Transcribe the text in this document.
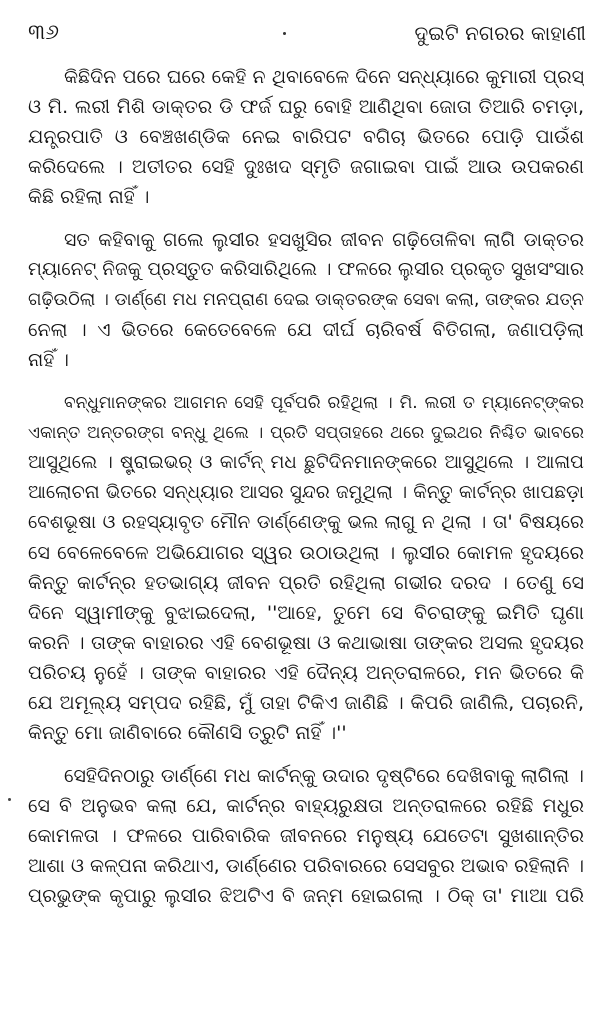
୩୬	ଦୁଇଟି ନଗରର କାହାଣୀ

କିଛିଦିନ ପରେ ଘରେ କେହି ନ ଥିବାବେଳେ ଦିନେ ସନ୍ଧ୍ୟାରେ କୁମାରୀ ପ୍ରସ୍
ଓ ମି. ଲରୀ ମିଶି ଡାକ୍ତର ଡି ଫର୍ଜ ଘରୁ ବୋହି ଆଣିଥିବା ଜୋତା ତିଆରି ଚମଡ଼ା,
ଯନ୍ତ୍ରପାତି ଓ ବେଞ୍ଚଖଣ୍ଡିକ ନେଇ ବାରିପଟ ବଗିଚା ଭିତରେ ପୋଡ଼ି ପାଉଁଶ
କରିଦେଲେ । ଅତୀତର ସେହି ଦୁଃଖଦ ସ୍ମୃତି ଜଗାଇବା ପାଇଁ ଆଉ ଉପକରଣ
କିଛି ରହିଲା ନାହିଁ ।

ସତ କହିବାକୁ ଗଲେ ଲୁସୀର ହସଖୁସିର ଜୀବନ ଗଢ଼ିତୋଳିବା ଲାଗି ଡାକ୍ତର
ମ୍ୟାନେଟ୍ ନିଜକୁ ପ୍ରସ୍ତୁତ କରିସାରିଥିଲେ । ଫଳରେ ଲୁସୀର ପ୍ରକୃତ ସୁଖସଂସାର
ଗଢ଼ିଉଠିଲା । ଡାର୍ଣ୍ଣେ ମଧ ମନପ୍ରାଣ ଦେଇ ଡାକ୍ତରଙ୍କ ସେବା କଲା, ତାଙ୍କର ଯତ୍ନ
ନେଲା । ଏ ଭିତରେ କେତେବେଳେ ଯେ ଦୀର୍ଘ ଚାରିବର୍ଷ ବିତିଗଲା, ଜଣାପଡ଼ିଲା
ନାହିଁ ।

ବନ୍ଧୁମାନଙ୍କର ଆଗମନ ସେହି ପୂର୍ବପରି ରହିଥିଲା । ମି. ଲରୀ ତ ମ୍ୟାନେଟ୍‌ଙ୍କର
ଏକାନ୍ତ ଅନ୍ତରଙ୍ଗ ବନ୍ଧୁ ଥିଲେ । ପ୍ରତି ସପ୍ତାହରେ ଥରେ ଦୁଇଥର ନିଶ୍ଚିତ ଭାବରେ
ଆସୁଥିଲେ । ଷ୍ଟ୍ରାଇଭର୍ ଓ କାର୍ଟନ୍ ମଧ ଛୁଟିଦିନମାନଙ୍କରେ ଆସୁଥିଲେ । ଆଳାପ
ଆଲୋଚନା ଭିତରେ ସନ୍ଧ୍ୟାର ଆସର ସୁନ୍ଦର ଜମୁଥିଲା । କିନ୍ତୁ କାର୍ଟନ୍‌ର ଖାପଛଡ଼ା
ବେଶଭୂଷା ଓ ରହସ୍ୟାବୃତ ମୌନ ଡାର୍ଣ୍ଣେଙ୍କୁ ଭଲ ଲାଗୁ ନ ଥିଲା । ତା' ବିଷୟରେ
ସେ ବେଳେବେଳେ ଅଭିଯୋଗର ସ୍ୱର ଉଠାଉଥିଲା । ଲୁସୀର କୋମଳ ହୃଦୟରେ
କିନ୍ତୁ କାର୍ଟନ୍‌ର ହତଭାଗ୍ୟ ଜୀବନ ପ୍ରତି ରହିଥିଲା ଗଭୀର ଦରଦ । ତେଣୁ ସେ
ଦିନେ ସ୍ୱାମୀଙ୍କୁ ବୁଝାଇଦେଲା, ''ଆହେ, ତୁମେ ସେ ବିଚରାଙ୍କୁ ଇମିତି ଘୃଣା
କରନି । ତାଙ୍କ ବାହାରର ଏହି ବେଶଭୂଷା ଓ କଥାଭାଷା ତାଙ୍କର ଅସଲ ହୃଦୟର
ପରିଚୟ ନୁହେଁ । ତାଙ୍କ ବାହାରର ଏହି ଦୈନ୍ୟ ଅନ୍ତରାଳରେ, ମନ ଭିତରେ କି
ଯେ ଅମୂଲ୍ୟ ସମ୍ପଦ ରହିଛି, ମୁଁ ତାହା ଟିକିଏ ଜାଣିଛି । କିପରି ଜାଣିଲି, ପଚାରନି,
କିନ୍ତୁ ମୋ ଜାଣିବାରେ କୌଣସି ତ୍ରୁଟି ନାହିଁ ।''

ସେହିଦିନଠାରୁ ଡାର୍ଣ୍ଣେ ମଧ କାର୍ଟନ୍‌କୁ ଉଦାର ଦୃଷ୍ଟିରେ ଦେଖିବାକୁ ଲାଗିଲା ।
ସେ ବି ଅନୁଭବ କଲା ଯେ, କାର୍ଟନ୍‌ର ବାହ୍ୟରୁକ୍ଷତା ଅନ୍ତରାଳରେ ରହିଛି ମଧୁର
କୋମଳତା । ଫଳରେ ପାରିବାରିକ ଜୀବନରେ ମନୁଷ୍ୟ ଯେତେଟା ସୁଖଶାନ୍ତିର
ଆଶା ଓ କଳ୍ପନା କରିଥାଏ, ଡାର୍ଣ୍ଣେର ପରିବାରରେ ସେସବୁର ଅଭାବ ରହିଲାନି ।
ପ୍ରଭୁଙ୍କ କୃପାରୁ ଲୁସୀର ଝିଅଟିଏ ବି ଜନ୍ମ ହୋଇଗଲା । ଠିକ୍ ତା' ମାଆ ପରି
